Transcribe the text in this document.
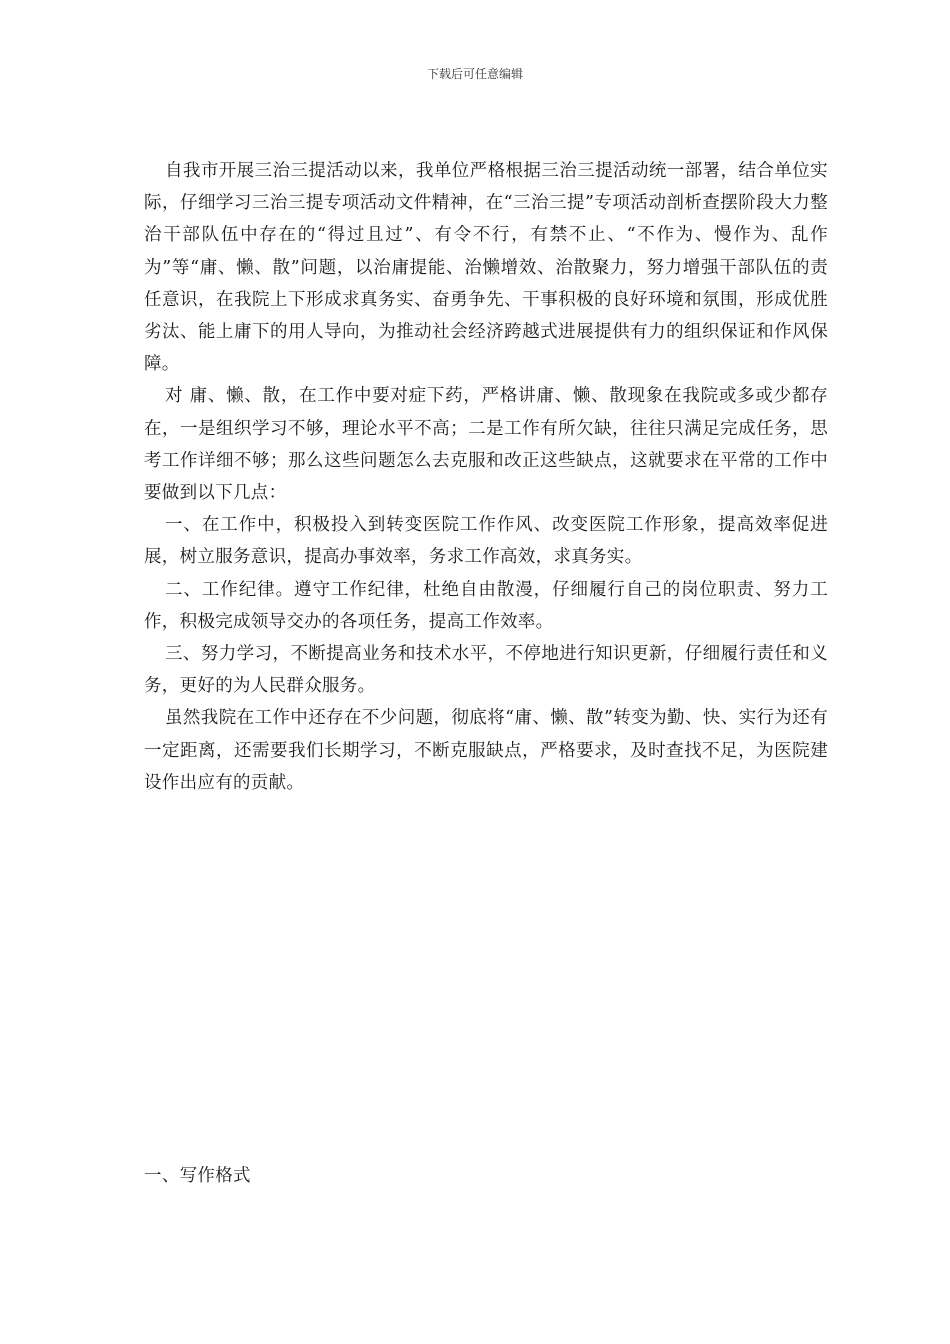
下载后可任意编辑

自我市开展三治三提活动以来，我单位严格根据三治三提活动统一部署，结合单位实际，仔细学习三治三提专项活动文件精神，在“三治三提”专项活动剖析查摆阶段大力整治干部队伍中存在的“得过且过”、有令不行，有禁不止、“不作为、慢作为、乱作为”等“庸、懒、散”问题，以治庸提能、治懒增效、治散聚力，努力增强干部队伍的责任意识，在我院上下形成求真务实、奋勇争先、干事积极的良好环境和氛围，形成优胜劣汰、能上庸下的用人导向，为推动社会经济跨越式进展提供有力的组织保证和作风保障。

对 庸、懒、散，在工作中要对症下药，严格讲庸、懒、散现象在我院或多或少都存在，一是组织学习不够，理论水平不高；二是工作有所欠缺，往往只满足完成任务，思考工作详细不够；那么这些问题怎么去克服和改正这些缺点，这就要求在平常的工作中要做到以下几点：

一、在工作中，积极投入到转变医院工作作风、改变医院工作形象，提高效率促进展，树立服务意识，提高办事效率，务求工作高效，求真务实。

二、工作纪律。遵守工作纪律，杜绝自由散漫，仔细履行自己的岗位职责、努力工作，积极完成领导交办的各项任务，提高工作效率。

三、努力学习，不断提高业务和技术水平，不停地进行知识更新，仔细履行责任和义务，更好的为人民群众服务。

虽然我院在工作中还存在不少问题，彻底将“庸、懒、散”转变为勤、快、实行为还有一定距离，还需要我们长期学习，不断克服缺点，严格要求，及时查找不足，为医院建设作出应有的贡献。

一、写作格式
